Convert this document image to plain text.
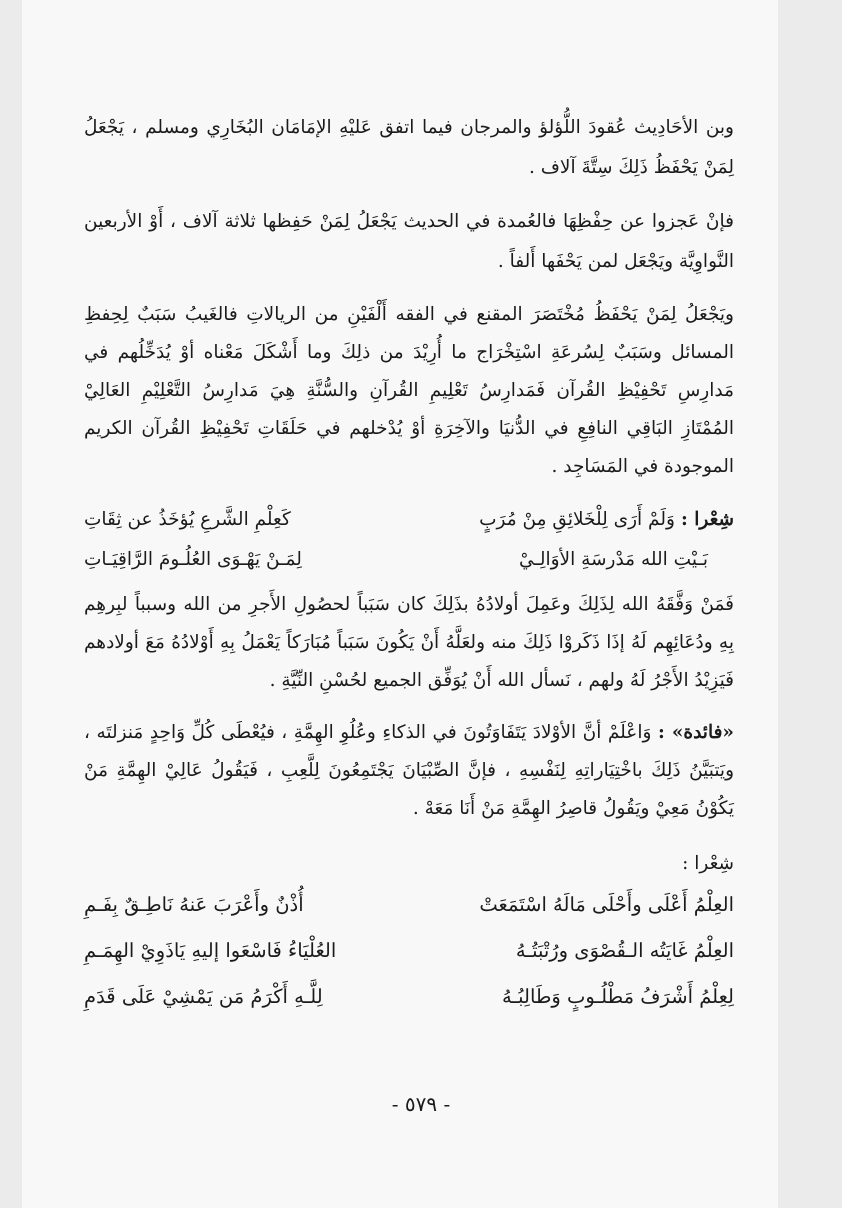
وبن الأحَادِيث عُقودَ اللُّؤلؤ والمرجان فيما اتفق عَليْهِ الإمَامَان البُخَارِي ومسلم ، يَجْعَلُ لِمَنْ يَحْفَظُ ذَلِكَ سِتَّةَ آلاف .

فإنْ عَجزوا عن حِفْظِهَا فالعُمدة في الحديث يَجْعَلُ لِمَنْ حَفِظها ثلاثة آلاف ، أَوْ الأربعين النَّواوِيَّة ويَجْعَل لمن يَحْفَها أَلفاً .

ويَجْعَلُ لِمَنْ يَحْفَظُ مُخْتَصَرَ المقنع في الفقه أَلْفَيْنِ من الريالاتِ فالغَيبُ سَبَبٌ لِحِفظِ المسائل وسَبَبٌ لِسُرعَةِ اسْتِخْرَاج ما أُرِيْدَ من ذلِكَ وما أَشْكَلَ مَعْناه أوْ يُدَخِّلُهم في مَدارِسِ تَحْفِيْظِ القُرآن فَمَدارِسُ تَعْلِيمِ القُرآنِ والسُّنَّةِ هِيَ مَدارِسُ التَّعْلِيْمِ العَالِيْ المُمْتَازِ البَاقِي النافِعِ في الدُّنيَا والآخِرَةِ أوْ يُدْخلهم في حَلَقَاتِ تَحْفِيْظِ القُرآن الكريم الموجودة في المَسَاجِد .

شِعْرا :
وَلَمْ أَرَى لِلْخَلائِقِ مِنْ مُرَبٍ
كَعِلْمِ الشَّرعِ يُؤخَذُ عن ثِقَاتِ
بَـيْتِ الله مَدْرسَةِ الأوَالِـيْ
لِمَـنْ يَهْـوَى العُلُـومَ الرَّاقِيَـاتِ

فَمَنْ وَفَّقَهُ الله لِذَلِكَ وعَمِلَ أولادُهُ بذَلِكَ كان سَبَباً لحصُولِ الأَجرِ من الله وسبباً لبِرهِم بِهِ ودُعَائِهِم لَهُ إذَا ذَكَروْا ذَلِكَ منه ولعَلَّهُ أَنْ يَكُونَ سَبَباً مُبَارَكاً يَعْمَلُ بِهِ أَوْلادُهُ مَعَ أولادهم فَيَزِيْدُ الأَجْرُ لَهُ ولهم ، نَسأل الله أَنْ يُوَفِّق الجميع لحُسْنِ النِّيَّةِ .

«فائدة» : وَاعْلَمْ أنَّ الأوْلادَ يَتَفَاوَتُونَ في الذكاءِ وعُلُوِ الهِمَّةِ ، فيُعْطَى كُلِّ وَاحِدٍ مَنزلتَه ، ويَتبَيَّنُ ذَلِكَ باخْتِيَاراتِهِ لِنَفْسِهِ ، فإنَّ الصِّبْيَانَ يَجْتَمِعُونَ لِلَّعِبِ ، فَيَقُولُ عَالِيْ الهِمَّةِ مَنْ يَكُوْنُ مَعِيْ ويَقُولُ قاصِرُ الهِمَّةِ مَنْ أَنَا مَعَهْ .

شِعْرا :
العِلْمُ أَعْلَى وأَحْلَى مَالَهُ اسْتَمَعَتْ
أُذْنٌ وأَعْرَبَ عَنهُ نَاطِـقٌ بِفَـمِ
العِلْمُ غَايَتُه الـقُصْوَى ورُتْبَتُـهُ
العُلْيَاءُ فَاسْعَوا إليهِ يَاذَوِيْ الهِمَـمِ
لِعِلْمُ أَشْرَفُ مَطْلُـوبٍ وَطَالِبُـهُ
لِلَّـهِ أَكْرَمُ مَن يَمْشِيْ عَلَى قَدَمِ
- ٥٧٩ -
